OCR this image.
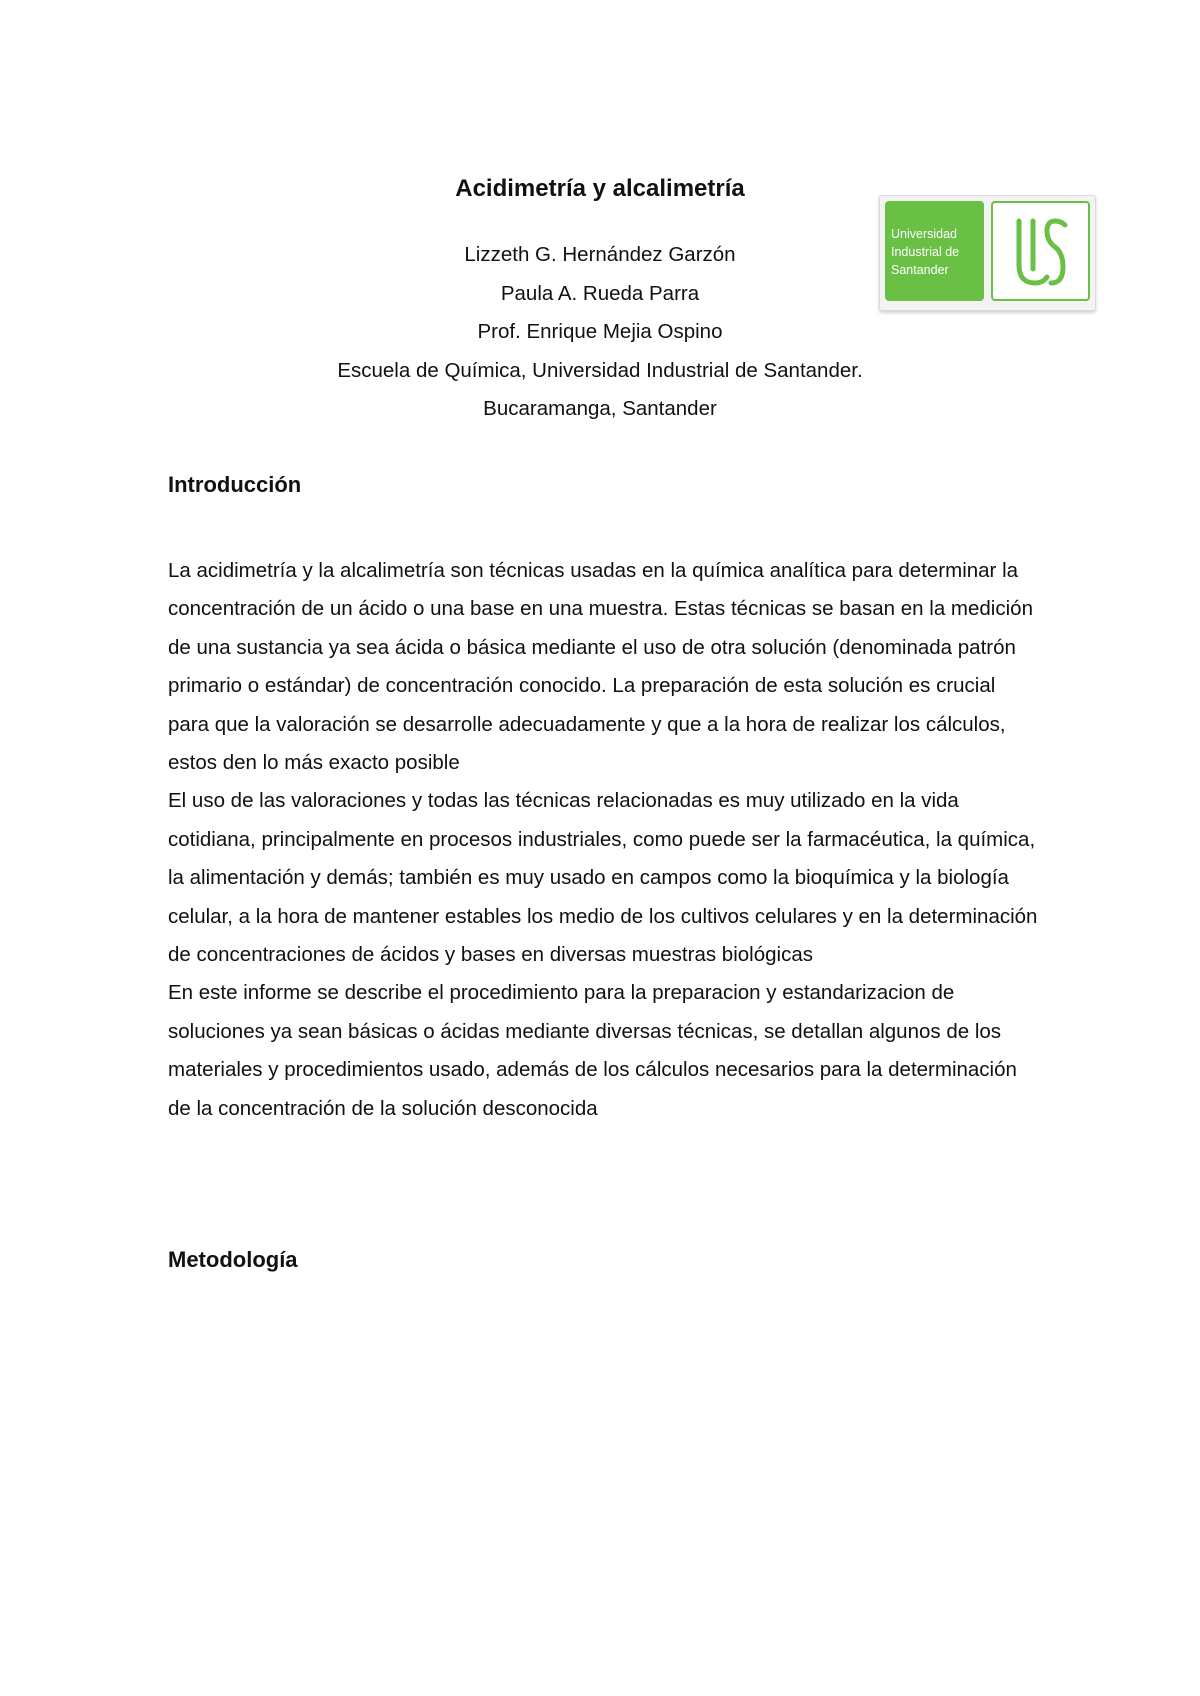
Acidimetría y alcalimetría
Lizzeth G. Hernández Garzón
Paula A. Rueda Parra
Prof. Enrique Mejia Ospino
Escuela de Química, Universidad Industrial de Santander.
Bucaramanga, Santander
Universidad
Industrial de
Santander
Introducción

La acidimetría y la alcalimetría son técnicas usadas en la química analítica para determinar la concentración de un ácido o una base en una muestra. Estas técnicas se basan en la medición de una sustancia ya sea ácida o básica mediante el uso de otra solución (denominada patrón primario o estándar) de concentración conocido. La preparación de esta solución es crucial para que la valoración se desarrolle adecuadamente y que a la hora de realizar los cálculos, estos den lo más exacto posible

El uso de las valoraciones y todas las técnicas relacionadas es muy utilizado en la vida cotidiana, principalmente en procesos industriales, como puede ser la farmacéutica, la química, la alimentación y demás; también es muy usado en campos como la bioquímica y la biología celular, a la hora de mantener estables los medio de los cultivos celulares y en la determinación de concentraciones de ácidos y bases en diversas muestras biológicas

En este informe se describe el procedimiento para la preparacion y estandarizacion de soluciones ya sean básicas o ácidas mediante diversas técnicas, se detallan algunos de los materiales y procedimientos usado, además de los cálculos necesarios para la determinación de la concentración de la solución desconocida

Metodología
